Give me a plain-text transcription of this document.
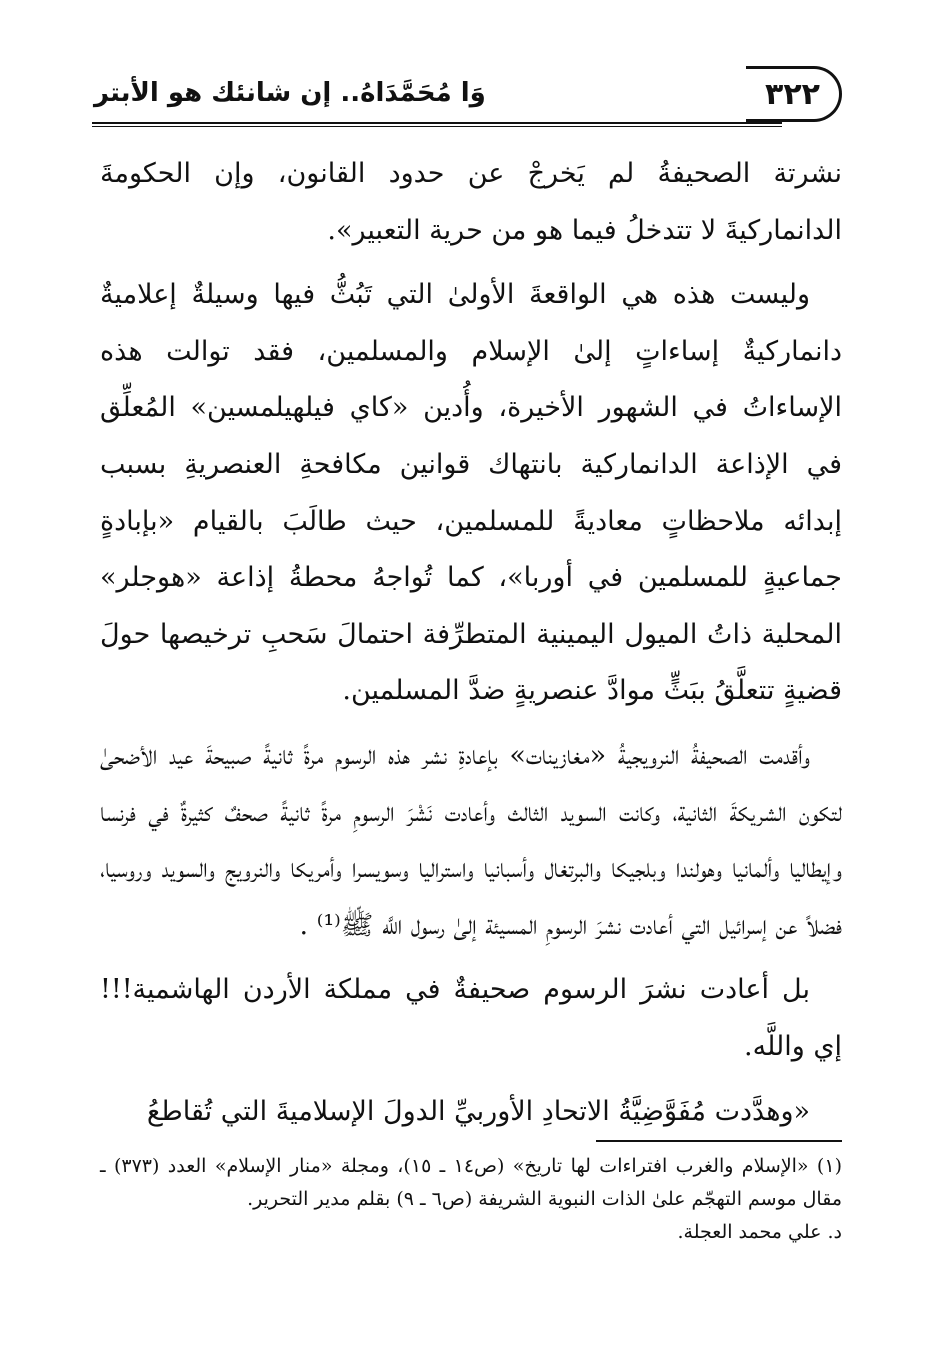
٣٢٢
وَا مُحَمَّدَاهُ.. إن شانئك هو الأبتر

نشرتة الصحيفةُ لم يَخرجْ عن حدود القانون، وإن الحكومةَ الدانماركيةَ لا تتدخلُ فيما هو من حرية التعبير».

وليست هذه هي الواقعةَ الأولىٰ التي تَبُثُّ فيها وسيلةٌ إعلاميةٌ دانماركيةٌ إساءاتٍ إلىٰ الإسلام والمسلمين، فقد توالت هذه الإساءاتُ في الشهور الأخيرة، وأُدين «كاي فيلهيلمسين» المُعلِّق في الإذاعة الدانماركية بانتهاك قوانين مكافحةِ العنصريةِ بسبب إبدائه ملاحظاتٍ معاديةً للمسلمين، حيث طالَبَ بالقيام «بإبادةٍ جماعيةٍ للمسلمين في أوربا»، كما تُواجهُ محطةُ إذاعة «هوجلر» المحلية ذاتُ الميول اليمينية المتطرِّفة احتمالَ سَحبِ ترخيصها حولَ قضيةٍ تتعلَّقُ ببَثٍّ موادَّ عنصريةٍ ضدَّ المسلمين.

وأقدمت الصحيفةُ النرويجيةُ «مغازينات» بإعادةِ نشر هذه الرسوم مرةً ثانيةً صبيحةَ عيد الأضحىٰ لتكون الشريكةَ الثانية، وكانت السويد الثالث وأعادت نَشْرَ الرسومِ مرةً ثانيةً صحفٌ كثيرةٌ في فرنسا وإيطاليا وألمانيا وهولندا وبلجيكا والبرتغال وأسبانيا واستراليا وسويسرا وأمريكا والنرويج والسويد وروسيا، فضلاً عن إسرائيل التي أعادت نشرَ الرسومِ المسيئة إلىٰ رسول اللَّه ﷺ⁽¹⁾ .

بل أعادت نشرَ الرسوم صحيفةٌ في مملكة الأردن الهاشمية!!! إي واللَّه.

«وهدَّدت مُفَوَّضِيَّةُ الاتحادِ الأوربيِّ الدولَ الإسلاميةَ التي تُقاطعُ

(١) «الإسلام والغرب افتراءات لها تاريخ» (ص١٤ ـ ١٥)، ومجلة «منار الإسلام» العدد (٣٧٣) ـ مقال موسم التهجّم علىٰ الذات النبوية الشريفة (ص٦ ـ ٩) بقلم مدير التحرير.

د. علي محمد العجلة.
